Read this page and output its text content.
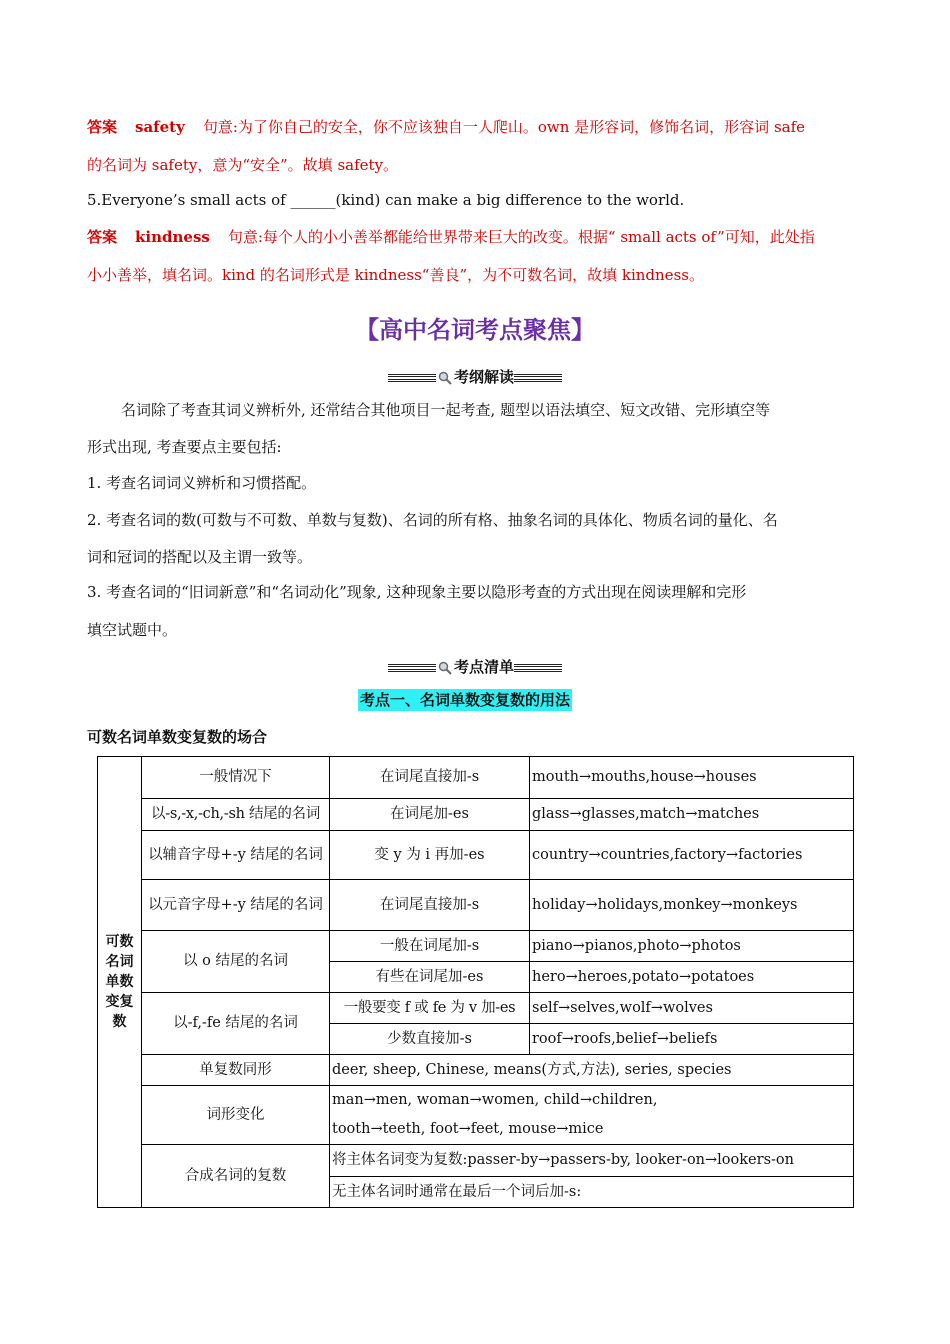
答案 safety 句意:为了你自己的安全，你不应该独自一人爬山。own 是形容词，修饰名词，形容词 safe
的名词为 safety，意为“安全”。故填 safety。
5.Everyone’s small acts of ______(kind) can make a big difference to the world.
答案 kindness 句意:每个人的小小善举都能给世界带来巨大的改变。根据“ small acts of”可知，此处指
小小善举，填名词。kind 的名词形式是 kindness“善良”，为不可数名词，故填 kindness。
【高中名词考点聚焦】
考纲解读
名词除了考查其词义辨析外, 还常结合其他项目一起考查, 题型以语法填空、短文改错、完形填空等
形式出现, 考查要点主要包括:
1. 考查名词词义辨析和习惯搭配。
2. 考查名词的数(可数与不可数、单数与复数)、名词的所有格、抽象名词的具体化、物质名词的量化、名
词和冠词的搭配以及主谓一致等。
3. 考查名词的“旧词新意”和“名词动化”现象, 这种现象主要以隐形考查的方式出现在阅读理解和完形
填空试题中。
考点清单
考点一、名词单数变复数的用法
可数名词单数变复数的场合
可数名词单数变复数	一般情况下	在词尾直接加-s	mouth→mouths,house→houses
	以-s,-x,-ch,-sh 结尾的名词	在词尾加-es	glass→glasses,match→matches
	以辅音字母+-y 结尾的名词	变 y 为 i 再加-es	country→countries,factory→factories
	以元音字母+-y 结尾的名词	在词尾直接加-s	holiday→holidays,monkey→monkeys
	以 o 结尾的名词	一般在词尾加-s	piano→pianos,photo→photos
		有些在词尾加-es	hero→heroes,potato→potatoes
	以-f,-fe 结尾的名词	一般要变 f 或 fe 为 v 加-es	self→selves,wolf→wolves
		少数直接加-s	roof→roofs,belief→beliefs
	单复数同形	deer, sheep, Chinese, means(方式,方法), series, species	
	词形变化	man→men, woman→women, child→children,
tooth→teeth, foot→feet, mouse→mice	

	合成名词的复数	将主体名词变为复数:passer-by→passers-by, looker-on→lookers-on	
		无主体名词时通常在最后一个词后加-s:	
